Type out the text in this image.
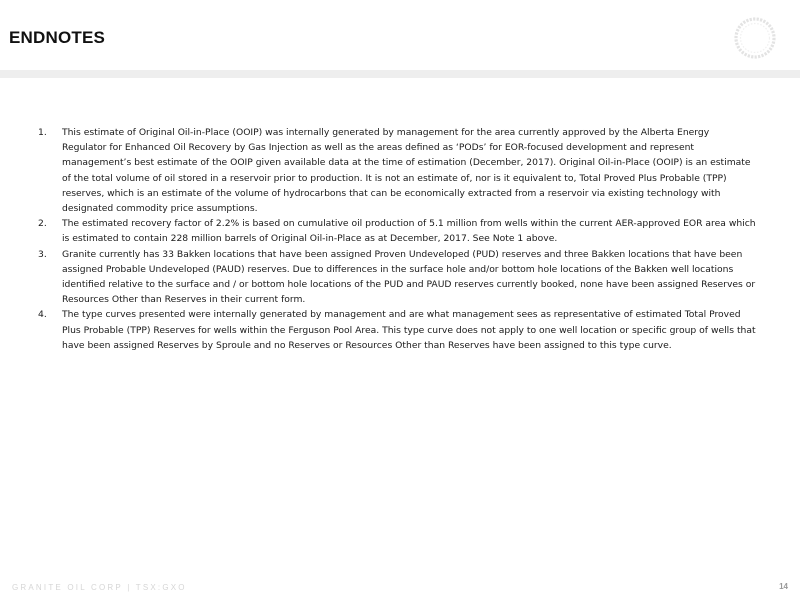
ENDNOTES
1. This estimate of Original Oil-in-Place (OOIP) was internally generated by management for the area currently approved by the Alberta Energy Regulator for Enhanced Oil Recovery by Gas Injection as well as the areas defined as ‘PODs’ for EOR-focused development and represent management’s best estimate of the OOIP given available data at the time of estimation (December, 2017). Original Oil-in-Place (OOIP) is an estimate of the total volume of oil stored in a reservoir prior to production. It is not an estimate of, nor is it equivalent to, Total Proved Plus Probable (TPP) reserves, which is an estimate of the volume of hydrocarbons that can be economically extracted from a reservoir via existing technology with designated commodity price assumptions.
2. The estimated recovery factor of 2.2% is based on cumulative oil production of 5.1 million from wells within the current AER-approved EOR area which is estimated to contain 228 million barrels of Original Oil-in-Place as at December, 2017. See Note 1 above.
3. Granite currently has 33 Bakken locations that have been assigned Proven Undeveloped (PUD) reserves and three Bakken locations that have been assigned Probable Undeveloped (PAUD) reserves. Due to differences in the surface hole and/or bottom hole locations of the Bakken well locations identified relative to the surface and / or bottom hole locations of the PUD and PAUD reserves currently booked, none have been assigned Reserves or Resources Other than Reserves in their current form.
4. The type curves presented were internally generated by management and are what management sees as representative of estimated Total Proved Plus Probable (TPP) Reserves for wells within the Ferguson Pool Area. This type curve does not apply to one well location or specific group of wells that have been assigned Reserves by Sproule and no Reserves or Resources Other than Reserves have been assigned to this type curve.
GRANITE OIL CORP | TSX:GXO	14
